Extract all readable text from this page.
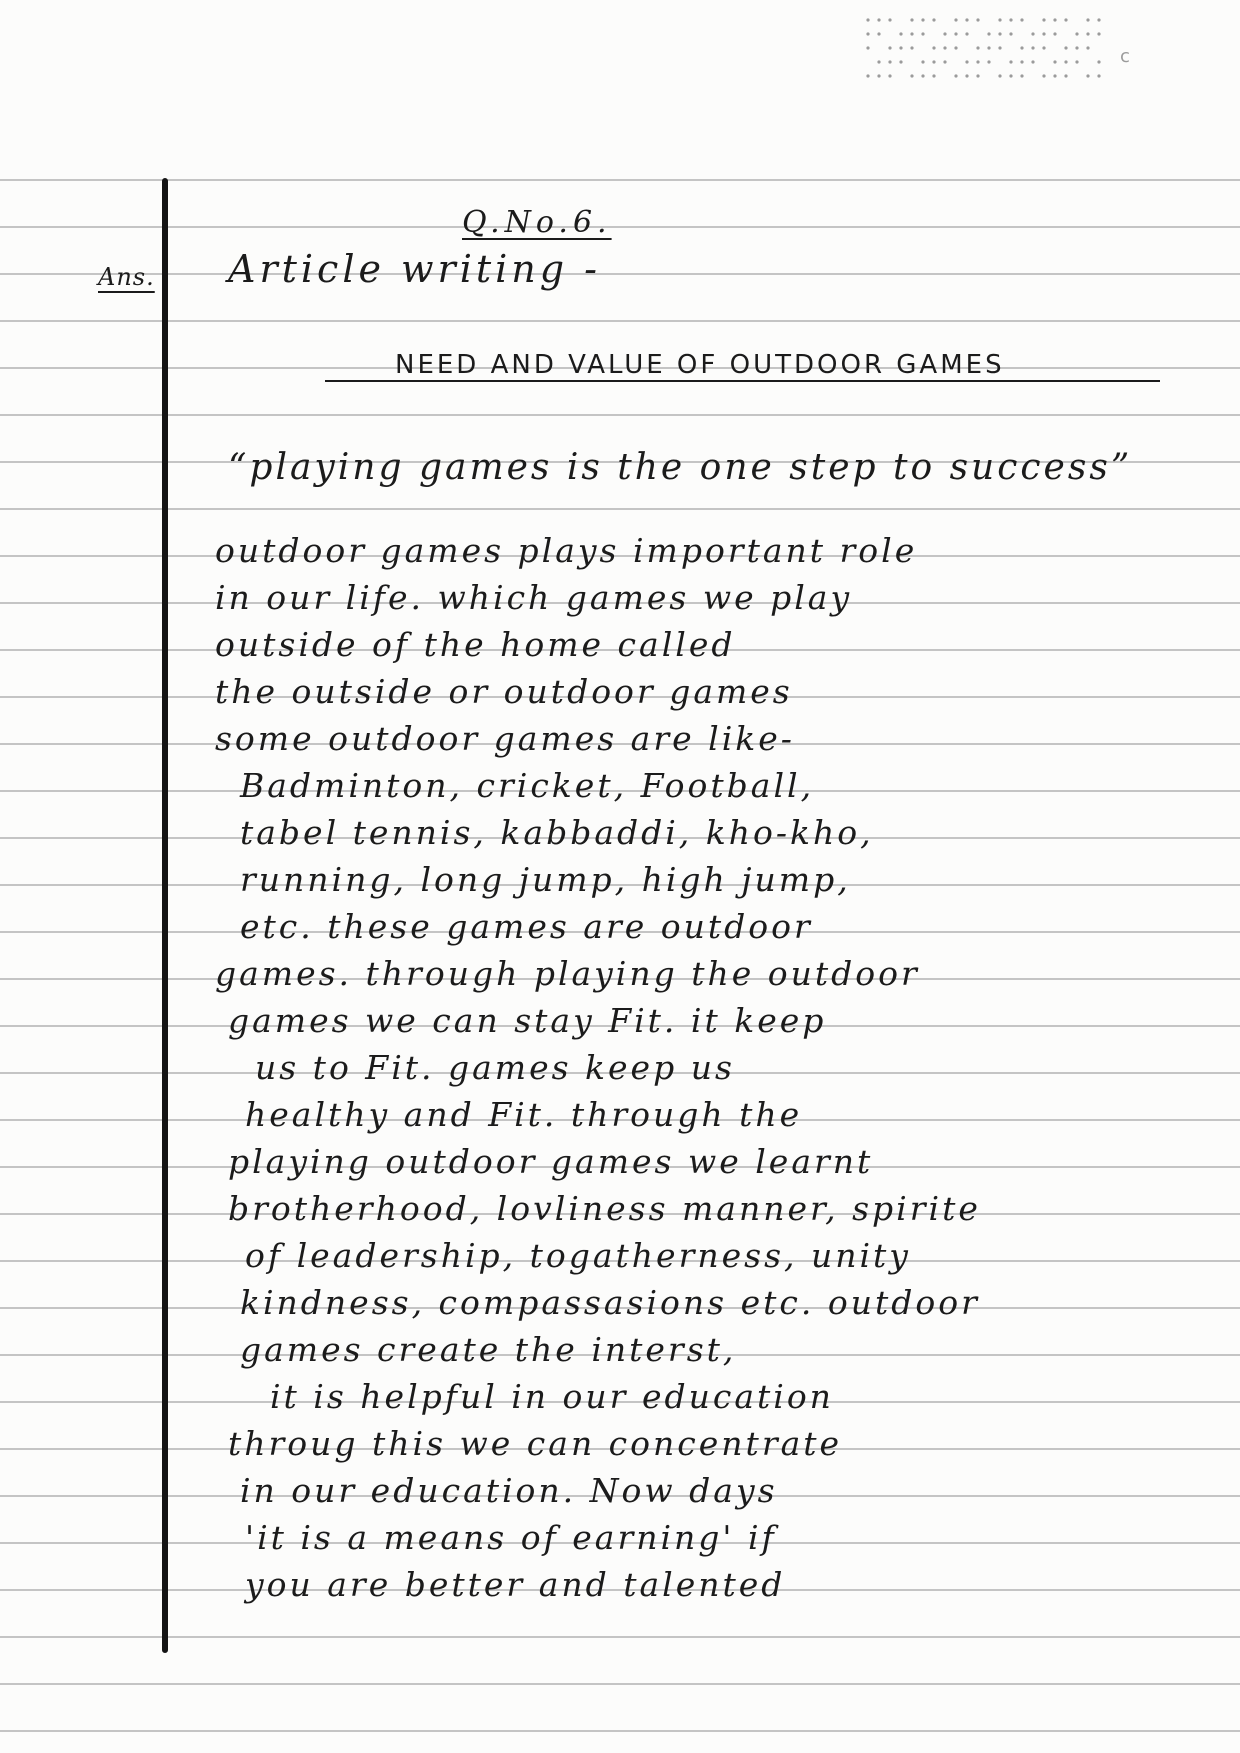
c
Q.No.6.
Ans. Article writing -
NEED AND VALUE OF OUTDOOR GAMES
“playing games is the one step to success”
outdoor games plays important role
in our life. which games we play
outside of the home called
the outside or outdoor games
some outdoor games are like-
Badminton, cricket, Football,
tabel tennis, kabbaddi, kho-kho,
running, long jump, high jump,
etc. these games are outdoor
games. through playing the outdoor
games we can stay Fit. it keep
us to Fit. games keep us
healthy and Fit. through the
playing outdoor games we learnt
brotherhood, lovliness manner, spirite
of leadership, togatherness, unity
kindness, compassasions etc. outdoor
games create the interst,
it is helpful in our education
throug this we can concentrate
in our education. Now days
'it is a means of earning' if
you are better and talented
